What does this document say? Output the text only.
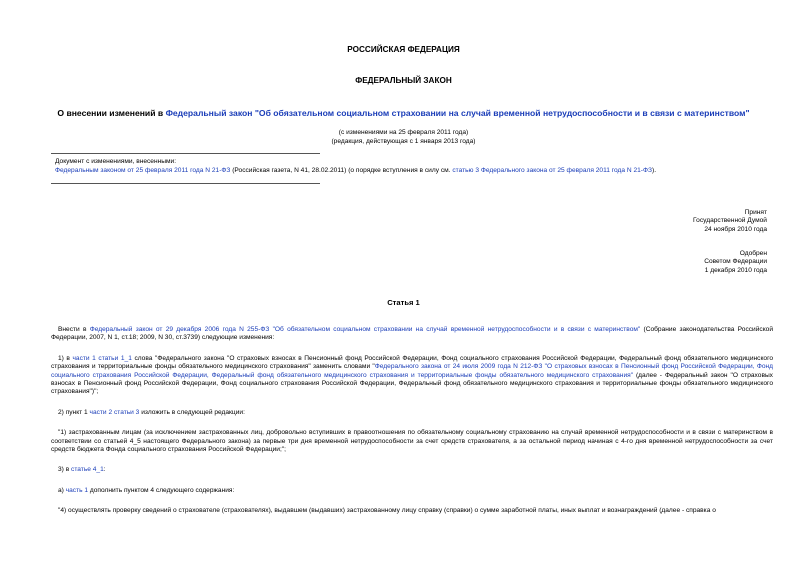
РОССИЙСКАЯ ФЕДЕРАЦИЯ
ФЕДЕРАЛЬНЫЙ ЗАКОН
О внесении изменений в Федеральный закон "Об обязательном социальном страховании на случай временной нетрудоспособности и в связи с материнством"
(с изменениями на 25 февраля 2011 года)
(редакция, действующая с 1 января 2013 года)
Документ с изменениями, внесенными:
Федеральным законом от 25 февраля 2011 года N 21-ФЗ (Российская газета, N 41, 28.02.2011) (о порядке вступления в силу см. статью 3 Федерального закона от 25 февраля 2011 года N 21-ФЗ).
Принят
Государственной Думой
24 ноября 2010 года
Одобрен
Советом Федерации
1 декабря 2010 года
Статья 1

Внести в Федеральный закон от 29 декабря 2006 года N 255-ФЗ "Об обязательном социальном страховании на случай временной нетрудоспособности и в связи с материнством" (Собрание законодательства Российской Федерации, 2007, N 1, ст.18; 2009, N 30, ст.3739) следующие изменения:

1) в части 1 статьи 1_1 слова "Федерального закона "О страховых взносах в Пенсионный фонд Российской Федерации, Фонд социального страхования Российской Федерации, Федеральный фонд обязательного медицинского страхования и территориальные фонды обязательного медицинского страхования" заменить словами "Федерального закона от 24 июля 2009 года N 212-ФЗ "О страховых взносах в Пенсионный фонд Российской Федерации, Фонд социального страхования Российской Федерации, Федеральный фонд обязательного медицинского страхования и территориальные фонды обязательного медицинского страхования" (далее - Федеральный закон "О страховых взносах в Пенсионный фонд Российской Федерации, Фонд социального страхования Российской Федерации, Федеральный фонд обязательного медицинского страхования и территориальные фонды обязательного медицинского страхования")";

2) пункт 1 части 2 статьи 3 изложить в следующей редакции:

"1) застрахованным лицам (за исключением застрахованных лиц, добровольно вступивших в правоотношения по обязательному социальному страхованию на случай временной нетрудоспособности и в связи с материнством в соответствии со статьей 4_5 настоящего Федерального закона) за первые три дня временной нетрудоспособности за счет средств страхователя, а за остальной период начиная с 4-го дня временной нетрудоспособности за счет средств бюджета Фонда социального страхования Российской Федерации;";

3) в статье 4_1:

а) часть 1 дополнить пунктом 4 следующего содержания:

"4) осуществлять проверку сведений о страхователе (страхователях), выдавшем (выдавших) застрахованному лицу справку (справки) о сумме заработной платы, иных выплат и вознаграждений (далее - справка о
